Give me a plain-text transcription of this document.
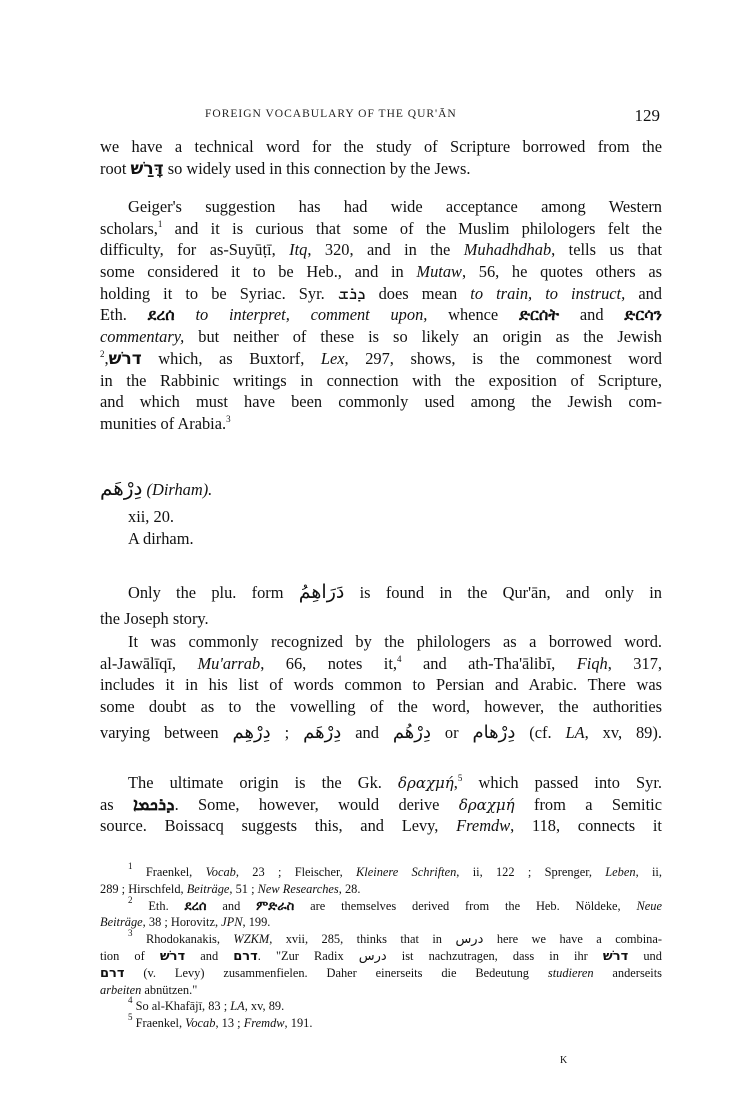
FOREIGN VOCABULARY OF THE QUR'ĀN	129
we have a technical word for the study of Scripture borrowed from the
root דָּרַשׁ so widely used in this connection by the Jews.
Geiger's suggestion has had wide acceptance among Western
scholars,$^1$ and it is curious that some of the Muslim philologers felt the
difficulty, for as-Suyūṭī, Itq, 320, and in the Muhadhdhab, tells us that
some considered it to be Heb., and in Mutaw, 56, he quotes others as
holding it to be Syriac. Syr. ܕܪܫ does mean to train, to instruct, and
Eth. ደረሰ to interpret, comment upon, whence ድርሰት and ድርሳን
commentary, but neither of these is so likely an origin as the Jewish
דרשׁ,$^2$ which, as Buxtorf, Lex, 297, shows, is the commonest word
in the Rabbinic writings in connection with the exposition of Scripture,
and which must have been commonly used among the Jewish com-
munities of Arabia.$^3$
دِرْهَم (Dirham).
xii, 20.
A dirham.
Only the plu. form دَرَاهِمُ is found in the Qur'ān, and only in
the Joseph story.
It was commonly recognized by the philologers as a borrowed word.
al-Jawālīqī, Mu'arrab, 66, notes it,$^4$ and ath-Tha'ālibī, Fiqh, 317,
includes it in his list of words common to Persian and Arabic. There was
some doubt as to the vowelling of the word, however, the authorities
varying between	دِرْهَم ; دِرْهِم	and دِرْهُم or دِرْهام (cf. LA, xv, 89).
The ultimate origin is the Gk. δραχμή,$^5$ which passed into Syr.
as ܕܪܟܡܐ. Some, however, would derive δραχμή from a Semitic
source. Boissacq suggests this, and Levy, Fremdw, 118, connects it
$^1$ Fraenkel, Vocab, 23 ; Fleischer, Kleinere Schriften, ii, 122 ; Sprenger, Leben, ii,
289 ; Hirschfeld, Beiträge, 51 ; New Researches, 28.
$^2$ Eth. ደረሰ and ምድራስ are themselves derived from the Heb. Nöldeke, Neue
Beiträge, 38 ; Horovitz, JPN, 199.
$^3$ Rhodokanakis, WZKM, xvii, 285, thinks that in درس here we have a combina-
tion of דרשׁ and דרם. "Zur Radix درس ist nachzutragen, dass in ihr דרשׁ und
דרם (v. Levy) zusammenfielen. Daher einerseits die Bedeutung studieren anderseits
arbeiten abnützen."
$^4$ So al-Khafājī, 83 ; LA, xv, 89.
$^5$ Fraenkel, Vocab, 13 ; Fremdw, 191.
K
